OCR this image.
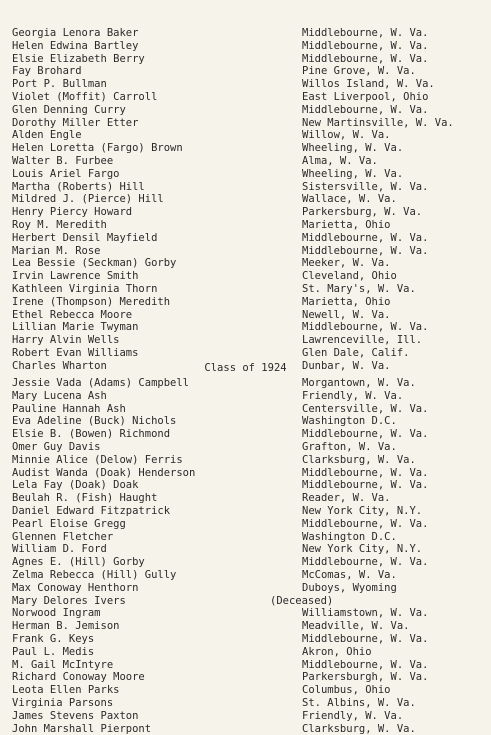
Georgia Lenora Baker	Middlebourne, W. Va.
Helen Edwina Bartley	Middlebourne, W. Va.
Elsie Elizabeth Berry	Middlebourne, W. Va.
Fay Brohard	Pine Grove, W. Va.
Port P. Bullman	Willos Island, W. Va.
Violet (Moffit) Carroll	East Liverpool, Ohio
Glen Denning Curry	Middlebourne, W. Va.
Dorothy Miller Etter	New Martinsville, W. Va.
Alden Engle	Willow, W. Va.
Helen Loretta (Fargo) Brown	Wheeling, W. Va.
Walter B. Furbee	Alma, W. Va.
Louis Ariel Fargo	Wheeling, W. Va.
Martha (Roberts) Hill	Sistersville, W. Va.
Mildred J. (Pierce) Hill	Wallace, W. Va.
Henry Piercy Howard	Parkersburg, W. Va.
Roy M. Meredith	Marietta, Ohio
Herbert Densil Mayfield	Middlebourne, W. Va.
Marian M. Rose	Middlebourne, W. Va.
Lea Bessie (Seckman) Gorby	Meeker, W. Va.
Irvin Lawrence Smith	Cleveland, Ohio
Kathleen Virginia Thorn	St. Mary's, W. Va.
Irene (Thompson) Meredith	Marietta, Ohio
Ethel Rebecca Moore	Newell, W. Va.
Lillian Marie Twyman	Middlebourne, W. Va.
Harry Alvin Wells	Lawrenceville, Ill.
Robert Evan Williams	Glen Dale, Calif.
Charles Wharton	Dunbar, W. Va.
Class of 1924
Jessie Vada (Adams) Campbell	Morgantown, W. Va.
Mary Lucena Ash	Friendly, W. Va.
Pauline Hannah Ash	Centersville, W. Va.
Eva Adeline (Buck) Nichols	Washington D.C.
Elsie B. (Bowen) Richmond	Middlebourne, W. Va.
Omer Guy Davis	Grafton, W. Va.
Minnie Alice (Delow) Ferris	Clarksburg, W. Va.
Audist Wanda (Doak) Henderson	Middlebourne, W. Va.
Lela Fay (Doak) Doak	Middlebourne, W. Va.
Beulah R. (Fish) Haught	Reader, W. Va.
Daniel Edward Fitzpatrick	New York City, N.Y.
Pearl Eloise Gregg	Middlebourne, W. Va.
Glennen Fletcher	Washington D.C.
William D. Ford	New York City, N.Y.
Agnes E. (Hill) Gorby	Middlebourne, W. Va.
Zelma Rebecca (Hill) Gully	McComas, W. Va.
Max Conoway Henthorn	Duboys, Wyoming
Mary Delores Ivers	(Deceased)
Norwood Ingram	Williamstown, W. Va.
Herman B. Jemison	Meadville, W. Va.
Frank G. Keys	Middlebourne, W. Va.
Paul L. Medis	Akron, Ohio
M. Gail McIntyre	Middlebourne, W. Va.
Richard Conoway Moore	Parkersburgh, W. Va.
Leota Ellen Parks	Columbus, Ohio
Virginia Parsons	St. Albins, W. Va.
James Stevens Paxton	Friendly, W. Va.
John Marshall Pierpont	Clarksburg, W. Va.
